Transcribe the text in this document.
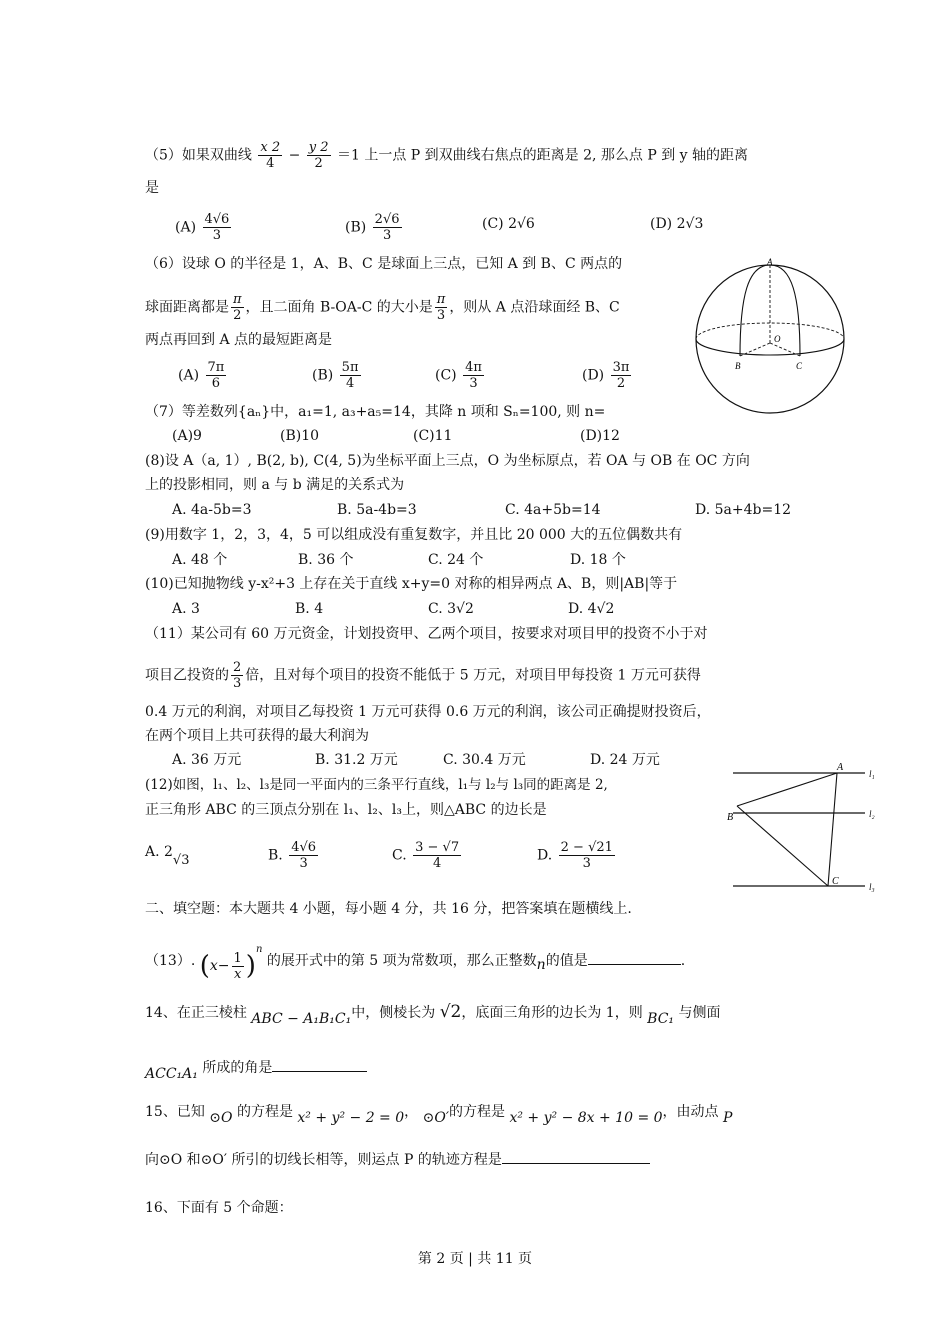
（5）如果双曲线 $\frac{x 2}{4} - \frac{y 2}{2} =1$ 上一点 P 到双曲线右焦点的距离是 2, 那么点 P 到 y 轴的距离
是
$(A) \frac{4√6}{3}$	$(B) \frac{2√6}{3}$	(C) 2√6	(D) 2√3
（6）设球 O 的半径是 1，A、B、C 是球面上三点，已知 A 到 B、C 两点的
球面距离都是 $\frac{\pi}{2}$ ，且二面角 B-OA-C 的大小是 $\frac{\pi}{3}$ ，则从 A 点沿球面经 B、C
两点再回到 A 点的最短距离是
$(A) \frac{7\pi}{6}$	$(B) \frac{5\pi}{4}$	$(C) \frac{4\pi}{3}$	$(D) \frac{3\pi}{2}$
A
O
B	C
（7）等差数列{aₙ}中，a₁=1, a₃+a₅=14，其降 n 项和 Sₙ=100, 则 n=
(A)9	(B)10	(C)11	(D)12
(8)设 A（a, 1）, B(2, b), C(4, 5)为坐标平面上三点，O 为坐标原点，若 OA 与 OB 在 OC 方向
上的投影相同，则 a 与 b 满足的关系式为
A. 4a-5b=3	B. 5a-4b=3	C. 4a+5b=14	D. 5a+4b=12
(9)用数字 1，2，3，4，5 可以组成没有重复数字，并且比 20 000 大的五位偶数共有
A. 48 个	B. 36 个	C. 24 个	D. 18 个
(10)已知抛物线 y-x²+3 上存在关于直线 x+y=0 对称的相异两点 A、B，则|AB|等于
A. 3	B. 4	C. 3√2	D. 4√2
（11）某公司有 60 万元资金，计划投资甲、乙两个项目，按要求对项目甲的投资不小于对
项目乙投资的 $\frac{2}{3}$ 倍，且对每个项目的投资不能低于 5 万元，对项目甲每投资 1 万元可获得
0.4 万元的利润，对项目乙每投资 1 万元可获得 0.6 万元的利润，该公司正确提财投资后，
在两个项目上共可获得的最大利润为
A. 36 万元	B. 31.2 万元	C. 30.4 万元	D. 24 万元
(12)如图，l₁、l₂、l₃是同一平面内的三条平行直线，l₁与 l₂与 l₃同的距离是 2,
正三角形 ABC 的三顶点分别在 l₁、l₂、l₃上，则△ABC 的边长是
A. 2√3	B. $\frac{4√6}{3}$	C. $\frac{3 - √7}{4}$	D. $\frac{2 - √21}{3}$
A
B
C
l₁
l₂
l₃
二、填空题：本大题共 4 小题，每小题 4 分，共 16 分，把答案填在题横线上.
（13）. $(x- \frac{1}{x} )^n$ 的展开式中的第 5 项为常数项，那么正整数n的值是	.
14、在正三棱柱 ABC − A₁B₁C₁中，侧棱长为 √2，底面三角形的边长为 1，则 BC₁ 与侧面
ACC₁A₁ 所成的角是
15、已知 ⊙O 的方程是 x² + y² − 2 = 0， ⊙O′的方程是 x² + y² − 8x + 10 = 0，由动点 P
向⊙O 和⊙O′ 所引的切线长相等，则运点 P 的轨迹方程是
16、下面有 5 个命题：
第 2 页 | 共 11 页
